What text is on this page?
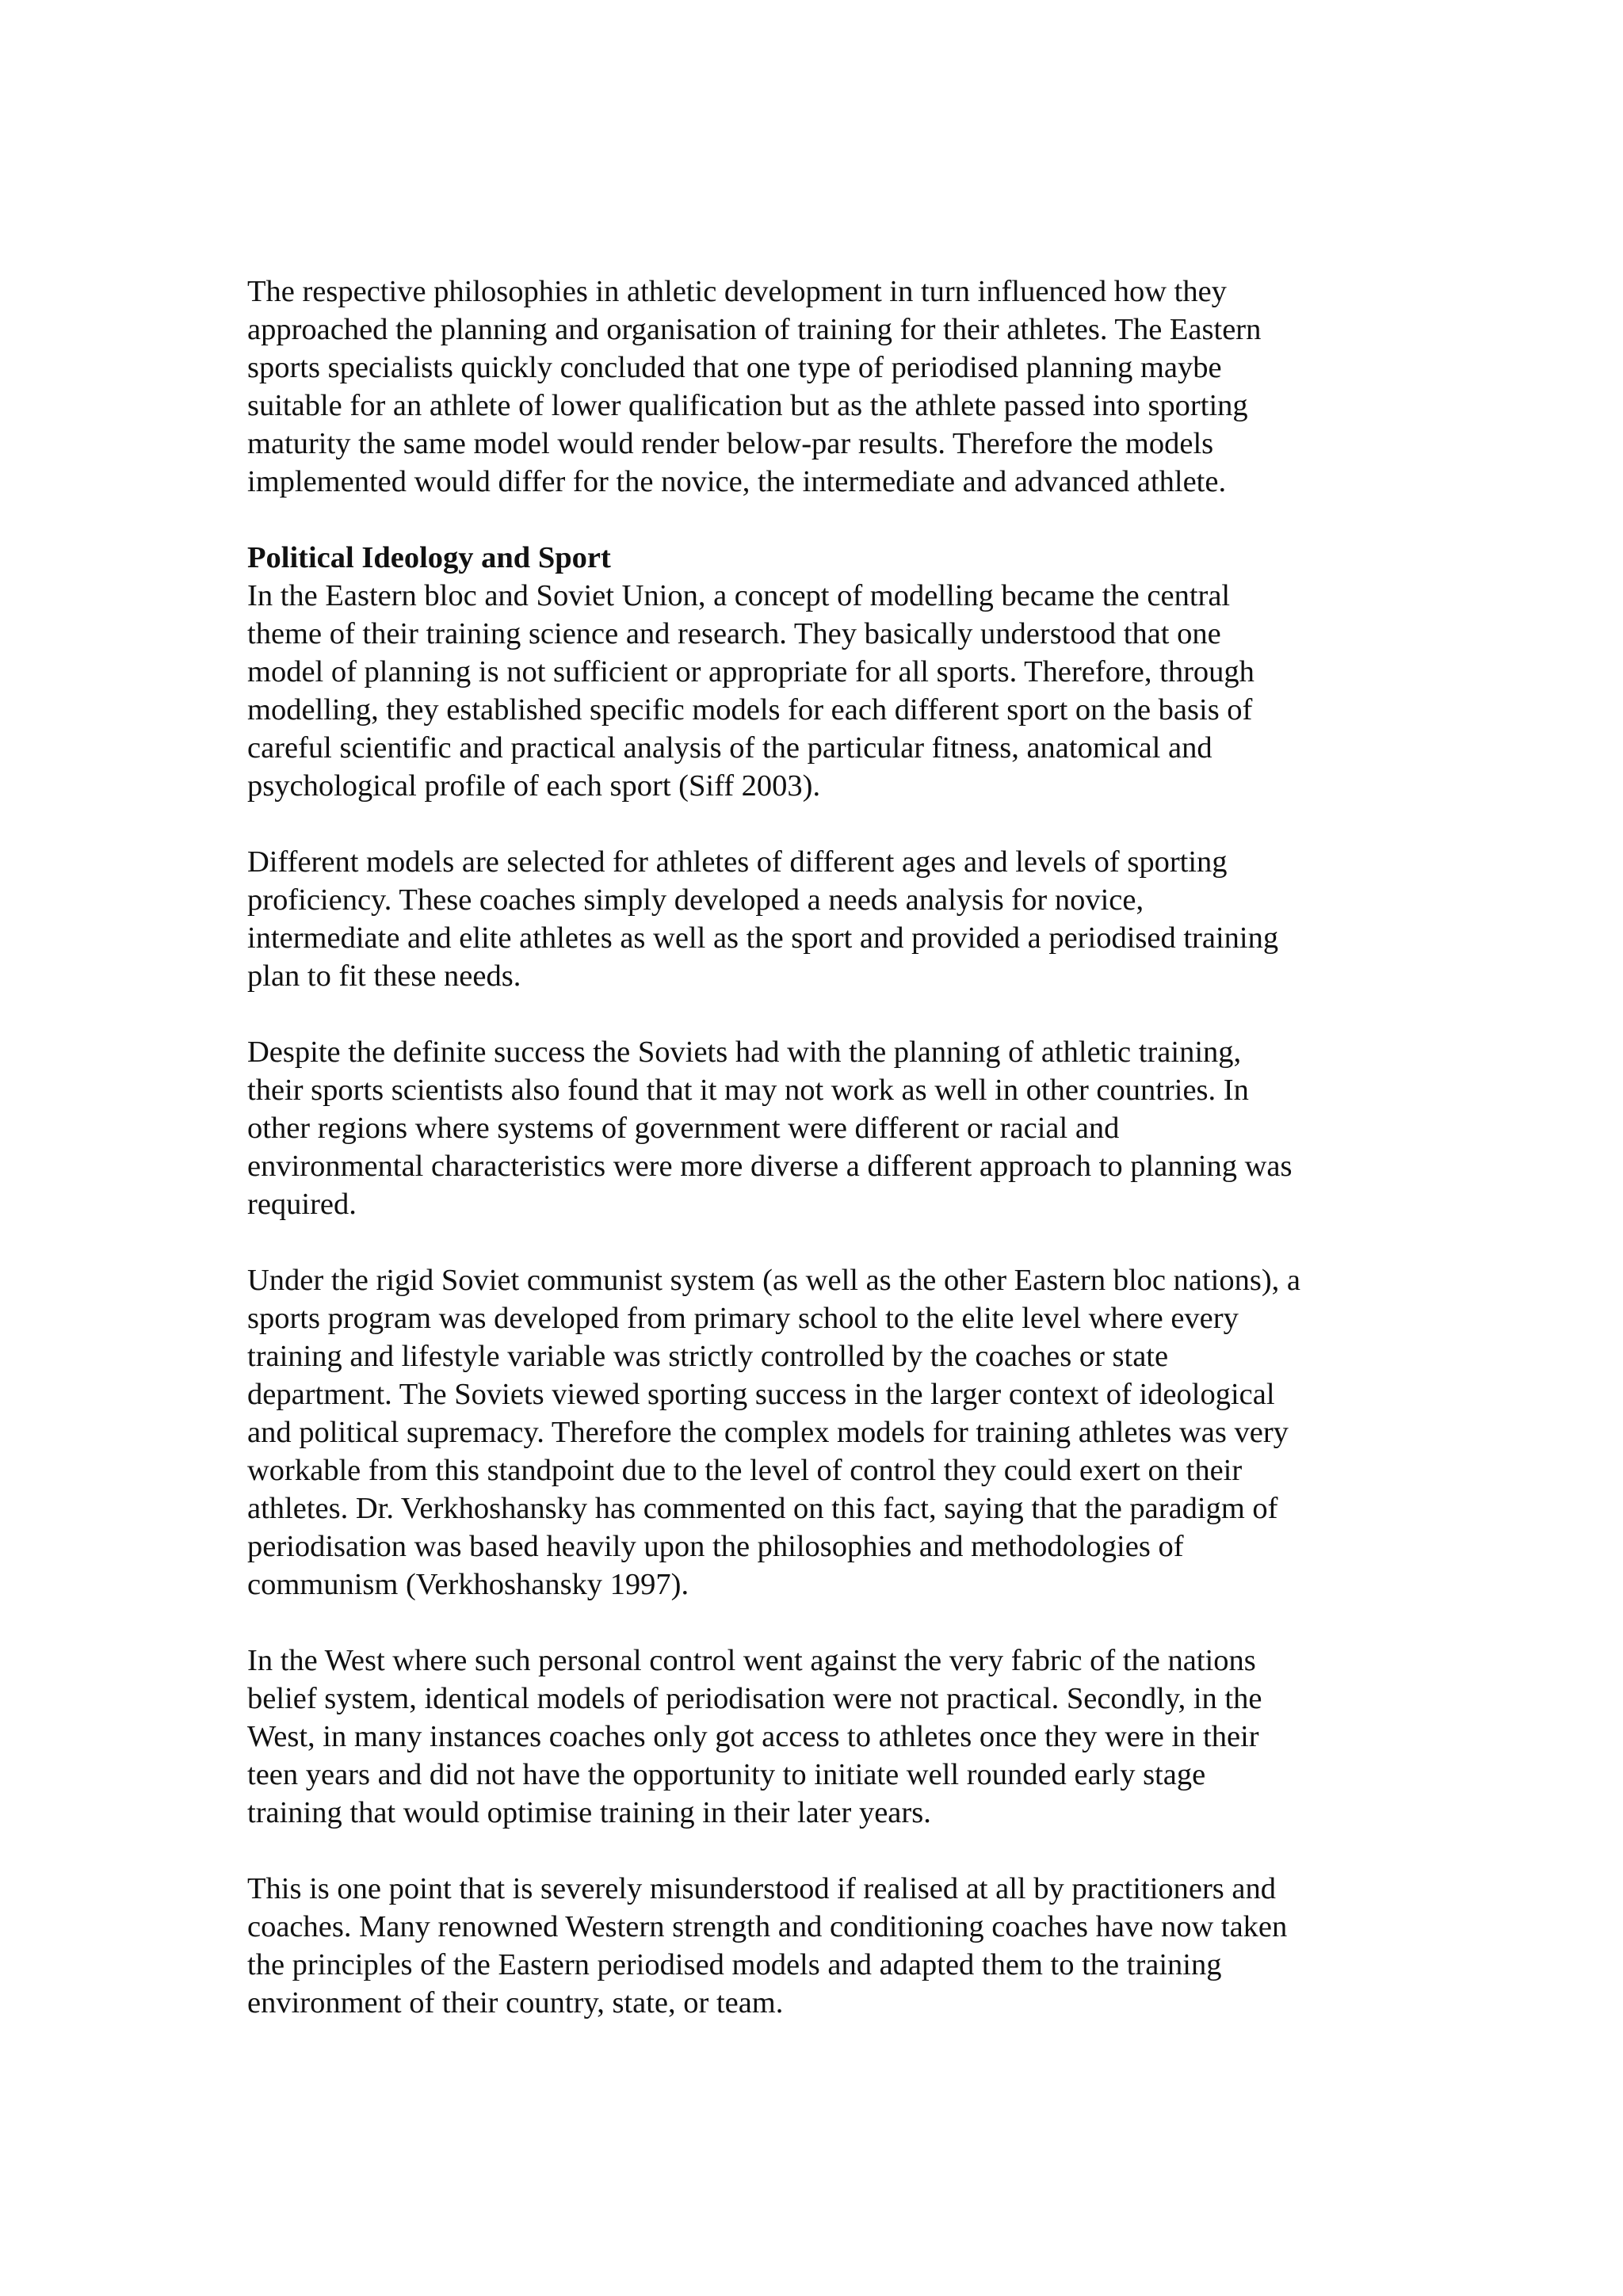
The respective philosophies in athletic development in turn influenced how they
approached the planning and organisation of training for their athletes. The Eastern
sports specialists quickly concluded that one type of periodised planning maybe
suitable for an athlete of lower qualification but as the athlete passed into sporting
maturity the same model would render below-par results. Therefore the models
implemented would differ for the novice, the intermediate and advanced athlete.

Political Ideology and Sport

In the Eastern bloc and Soviet Union, a concept of modelling became the central
theme of their training science and research. They basically understood that one
model of planning is not sufficient or appropriate for all sports. Therefore, through
modelling, they established specific models for each different sport on the basis of
careful scientific and practical analysis of the particular fitness, anatomical and
psychological profile of each sport (Siff 2003).

Different models are selected for athletes of different ages and levels of sporting
proficiency. These coaches simply developed a needs analysis for novice,
intermediate and elite athletes as well as the sport and provided a periodised training
plan to fit these needs.

Despite the definite success the Soviets had with the planning of athletic training,
their sports scientists also found that it may not work as well in other countries. In
other regions where systems of government were different or racial and
environmental characteristics were more diverse a different approach to planning was
required.

Under the rigid Soviet communist system (as well as the other Eastern bloc nations), a
sports program was developed from primary school to the elite level where every
training and lifestyle variable was strictly controlled by the coaches or state
department. The Soviets viewed sporting success in the larger context of ideological
and political supremacy. Therefore the complex models for training athletes was very
workable from this standpoint due to the level of control they could exert on their
athletes. Dr. Verkhoshansky has commented on this fact, saying that the paradigm of
periodisation was based heavily upon the philosophies and methodologies of
communism (Verkhoshansky 1997).

In the West where such personal control went against the very fabric of the nations
belief system, identical models of periodisation were not practical. Secondly, in the
West, in many instances coaches only got access to athletes once they were in their
teen years and did not have the opportunity to initiate well rounded early stage
training that would optimise training in their later years.

This is one point that is severely misunderstood if realised at all by practitioners and
coaches. Many renowned Western strength and conditioning coaches have now taken
the principles of the Eastern periodised models and adapted them to the training
environment of their country, state, or team.
